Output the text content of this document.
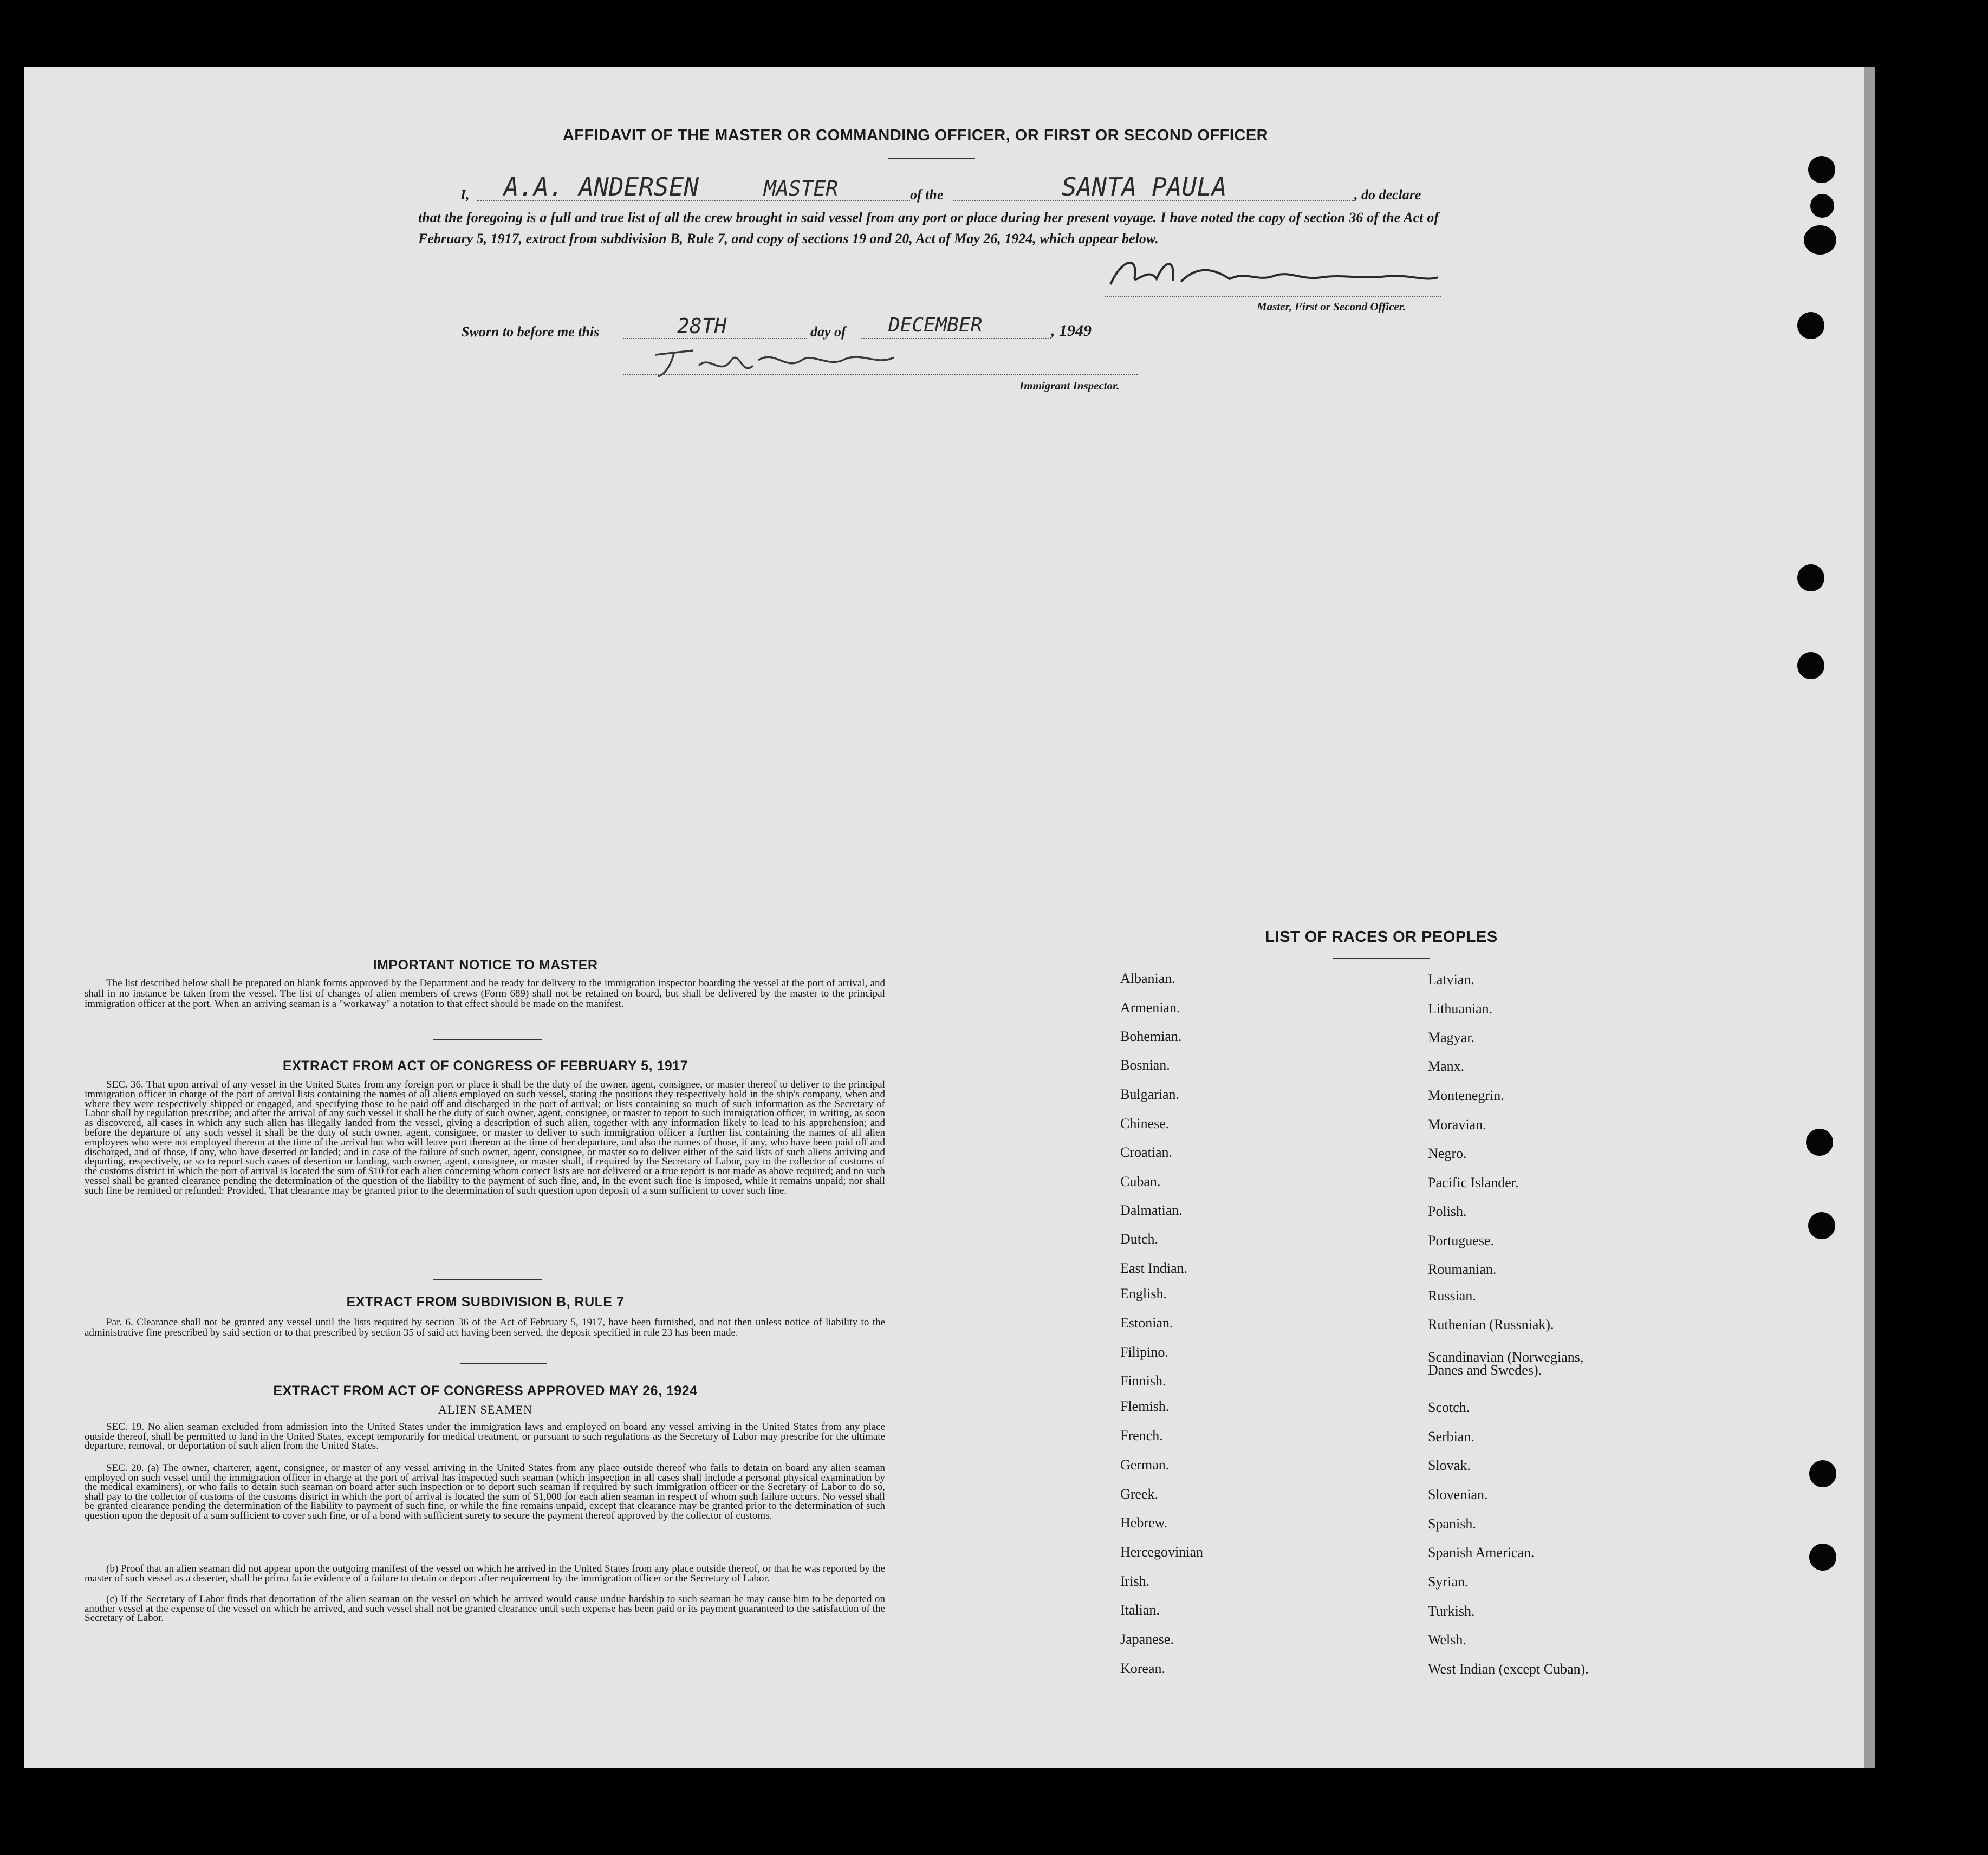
AFFIDAVIT OF THE MASTER OR COMMANDING OFFICER, OR FIRST OR SECOND OFFICER
I, A.A. ANDERSEN	MASTER	of the	SANTA PAULA	, do declare
that the foregoing is a full and true list of all the crew brought in said vessel from any port or place during her present voyage. I have noted the copy of section 36 of the Act of February 5, 1917, extract from subdivision B, Rule 7, and copy of sections 19 and 20, Act of May 26, 1924, which appear below.
Master, First or Second Officer.
Sworn to before me this	28TH	day of DECEMBER	, 1949
Immigrant Inspector.
IMPORTANT NOTICE TO MASTER
The list described below shall be prepared on blank forms approved by the Department and be ready for delivery to the immigration inspector boarding the vessel at the port of arrival, and shall in no instance be taken from the vessel. The list of changes of alien members of crews (Form 689) shall not be retained on board, but shall be delivered by the master to the principal immigration officer at the port. When an arriving seaman is a "workaway" a notation to that effect should be made on the manifest.
EXTRACT FROM ACT OF CONGRESS OF FEBRUARY 5, 1917
SEC. 36. That upon arrival of any vessel in the United States from any foreign port or place it shall be the duty of the owner, agent, consignee, or master thereof to deliver to the principal immigration officer in charge of the port of arrival lists containing the names of all aliens employed on such vessel, stating the positions they respectively hold in the ship's company, when and where they were respectively shipped or engaged, and specifying those to be paid off and discharged in the port of arrival; or lists containing so much of such information as the Secretary of Labor shall by regulation prescribe; and after the arrival of any such vessel it shall be the duty of such owner, agent, consignee, or master to report to such immigration officer, in writing, as soon as discovered, all cases in which any such alien has illegally landed from the vessel, giving a description of such alien, together with any information likely to lead to his apprehension; and before the departure of any such vessel it shall be the duty of such owner, agent, consignee, or master to deliver to such immigration officer a further list containing the names of all alien employees who were not employed thereon at the time of the arrival but who will leave port thereon at the time of her departure, and also the names of those, if any, who have been paid off and discharged, and of those, if any, who have deserted or landed; and in case of the failure of such owner, agent, consignee, or master so to deliver either of the said lists of such aliens arriving and departing, respectively, or so to report such cases of desertion or landing, such owner, agent, consignee, or master shall, if required by the Secretary of Labor, pay to the collector of customs of the customs district in which the port of arrival is located the sum of $10 for each alien concerning whom correct lists are not delivered or a true report is not made as above required; and no such vessel shall be granted clearance pending the determination of the question of the liability to the payment of such fine, and, in the event such fine is imposed, while it remains unpaid; nor shall such fine be remitted or refunded: Provided, That clearance may be granted prior to the determination of such question upon deposit of a sum sufficient to cover such fine.
EXTRACT FROM SUBDIVISION B, RULE 7
Par. 6. Clearance shall not be granted any vessel until the lists required by section 36 of the Act of February 5, 1917, have been furnished, and not then unless notice of liability to the administrative fine prescribed by said section or to that prescribed by section 35 of said act having been served, the deposit specified in rule 23 has been made.
EXTRACT FROM ACT OF CONGRESS APPROVED MAY 26, 1924
ALIEN SEAMEN
SEC. 19. No alien seaman excluded from admission into the United States under the immigration laws and employed on board any vessel arriving in the United States from any place outside thereof, shall be permitted to land in the United States, except temporarily for medical treatment, or pursuant to such regulations as the Secretary of Labor may prescribe for the ultimate departure, removal, or deportation of such alien from the United States.
SEC. 20. (a) The owner, charterer, agent, consignee, or master of any vessel arriving in the United States from any place outside thereof who fails to detain on board any alien seaman employed on such vessel until the immigration officer in charge at the port of arrival has inspected such seaman (which inspection in all cases shall include a personal physical examination by the medical examiners), or who fails to detain such seaman on board after such inspection or to deport such seaman if required by such immigration officer or the Secretary of Labor to do so, shall pay to the collector of customs of the customs district in which the port of arrival is located the sum of $1,000 for each alien seaman in respect of whom such failure occurs. No vessel shall be granted clearance pending the determination of the liability to payment of such fine, or while the fine remains unpaid, except that clearance may be granted prior to the determination of such question upon the deposit of a sum sufficient to cover such fine, or of a bond with sufficient surety to secure the payment thereof approved by the collector of customs.
(b) Proof that an alien seaman did not appear upon the outgoing manifest of the vessel on which he arrived in the United States from any place outside thereof, or that he was reported by the master of such vessel as a deserter, shall be prima facie evidence of a failure to detain or deport after requirement by the immigration officer or the Secretary of Labor.
(c) If the Secretary of Labor finds that deportation of the alien seaman on the vessel on which he arrived would cause undue hardship to such seaman he may cause him to be deported on another vessel at the expense of the vessel on which he arrived, and such vessel shall not be granted clearance until such expense has been paid or its payment guaranteed to the satisfaction of the Secretary of Labor.
LIST OF RACES OR PEOPLES
Albanian.
Armenian.
Bohemian.
Bosnian.
Bulgarian.
Chinese.
Croatian.
Cuban.
Dalmatian.
Dutch.
East Indian.
English.
Estonian.
Filipino.
Finnish.
Flemish.
French.
German.
Greek.
Hebrew.
Hercegovinian
Irish.
Italian.
Japanese.
Korean.
Latvian.
Lithuanian.
Magyar.
Manx.
Montenegrin.
Moravian.
Negro.
Pacific Islander.
Polish.
Portuguese.
Roumanian.
Russian.
Ruthenian (Russniak).
Scandinavian (Norwegians, Danes and Swedes).
Scotch.
Serbian.
Slovak.
Slovenian.
Spanish.
Spanish American.
Syrian.
Turkish.
Welsh.
West Indian (except Cuban).
